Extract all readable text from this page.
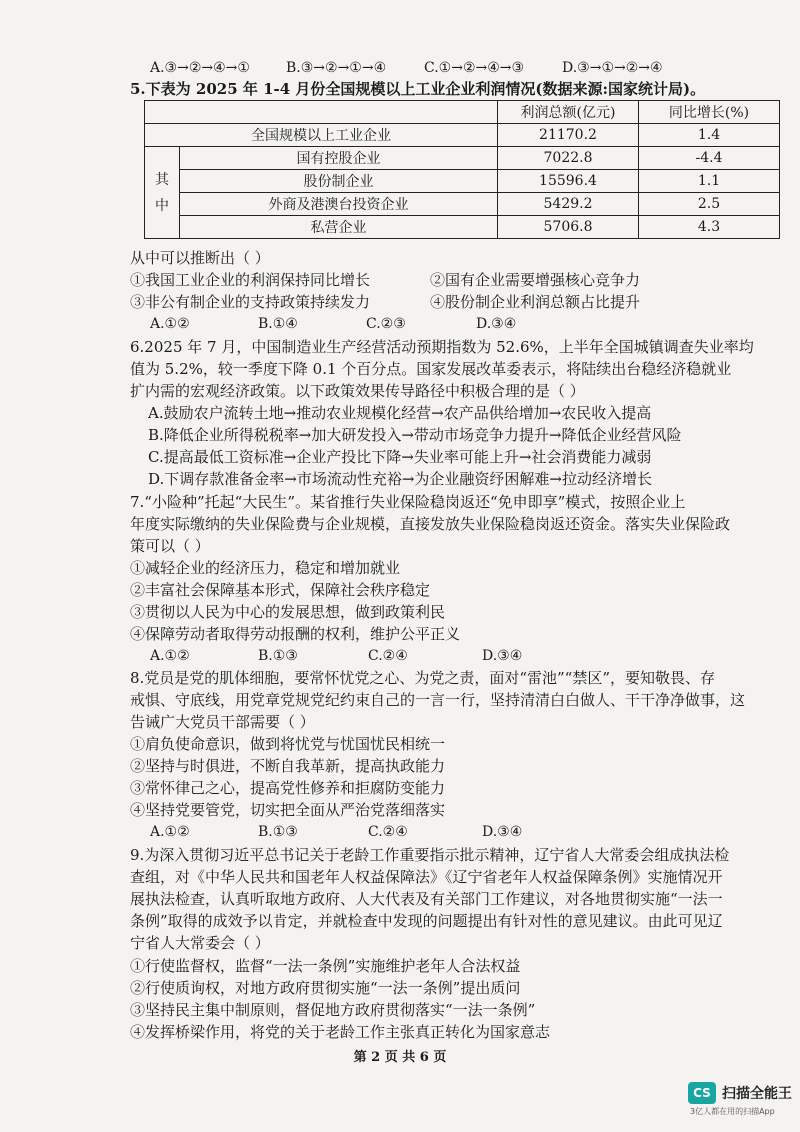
A.③→②→④→①	B.③→②→①→④	C.①→②→④→③	D.③→①→②→④
5.下表为 2025 年 1-4 月份全国规模以上工业企业利润情况(数据来源:国家统计局)。
		利润总额(亿元)	同比增长(%)
全国规模以上工业企业		21170.2	1.4
其
中	国有控股企业	7022.8	-4.4
	股份制企业	15596.4	1.1
	外商及港澳台投资企业	5429.2	2.5
	私营企业	5706.8	4.3
从中可以推断出（ ）
①我国工业企业的利润保持同比增长	②国有企业需要增强核心竞争力
③非公有制企业的支持政策持续发力	④股份制企业利润总额占比提升
A.①②	B.①④	C.②③	D.③④
6.2025 年 7 月，中国制造业生产经营活动预期指数为 52.6%，上半年全国城镇调查失业率均
值为 5.2%，较一季度下降 0.1 个百分点。国家发展改革委表示，将陆续出台稳经济稳就业
扩内需的宏观经济政策。以下政策效果传导路径中积极合理的是（ ）
A.鼓励农户流转土地→推动农业规模化经营→农产品供给增加→农民收入提高
B.降低企业所得税税率→加大研发投入→带动市场竞争力提升→降低企业经营风险
C.提高最低工资标准→企业产投比下降→失业率可能上升→社会消费能力减弱
D.下调存款准备金率→市场流动性充裕→为企业融资纾困解难→拉动经济增长
7.“小险种”托起“大民生”。某省推行失业保险稳岗返还“免申即享”模式，按照企业上
年度实际缴纳的失业保险费与企业规模，直接发放失业保险稳岗返还资金。落实失业保险政
策可以（ ）
①减轻企业的经济压力，稳定和增加就业
②丰富社会保障基本形式，保障社会秩序稳定
③贯彻以人民为中心的发展思想，做到政策利民
④保障劳动者取得劳动报酬的权利，维护公平正义
A.①②	B.①③	C.②④	D.③④
8.党员是党的肌体细胞，要常怀忧党之心、为党之责，面对“雷池”“禁区”，要知敬畏、存
戒惧、守底线，用党章党规党纪约束自己的一言一行，坚持清清白白做人、干干净净做事，这
告诫广大党员干部需要（ ）
①肩负使命意识，做到将忧党与忧国忧民相统一
②坚持与时俱进，不断自我革新，提高执政能力
③常怀律己之心，提高党性修养和拒腐防变能力
④坚持党要管党，切实把全面从严治党落细落实
A.①②	B.①③	C.②④	D.③④
9.为深入贯彻习近平总书记关于老龄工作重要指示批示精神，辽宁省人大常委会组成执法检
查组，对《中华人民共和国老年人权益保障法》《辽宁省老年人权益保障条例》实施情况开
展执法检查，认真听取地方政府、人大代表及有关部门工作建议，对各地贯彻实施“一法一
条例”取得的成效予以肯定，并就检查中发现的问题提出有针对性的意见建议。由此可见辽
宁省人大常委会（ ）
①行使监督权，监督“一法一条例”实施维护老年人合法权益
②行使质询权，对地方政府贯彻实施“一法一条例”提出质问
③坚持民主集中制原则，督促地方政府贯彻落实“一法一条例”
④发挥桥梁作用，将党的关于老龄工作主张真正转化为国家意志
第 2 页 共 6 页
CS 扫描全能王
3亿人都在用的扫描App
